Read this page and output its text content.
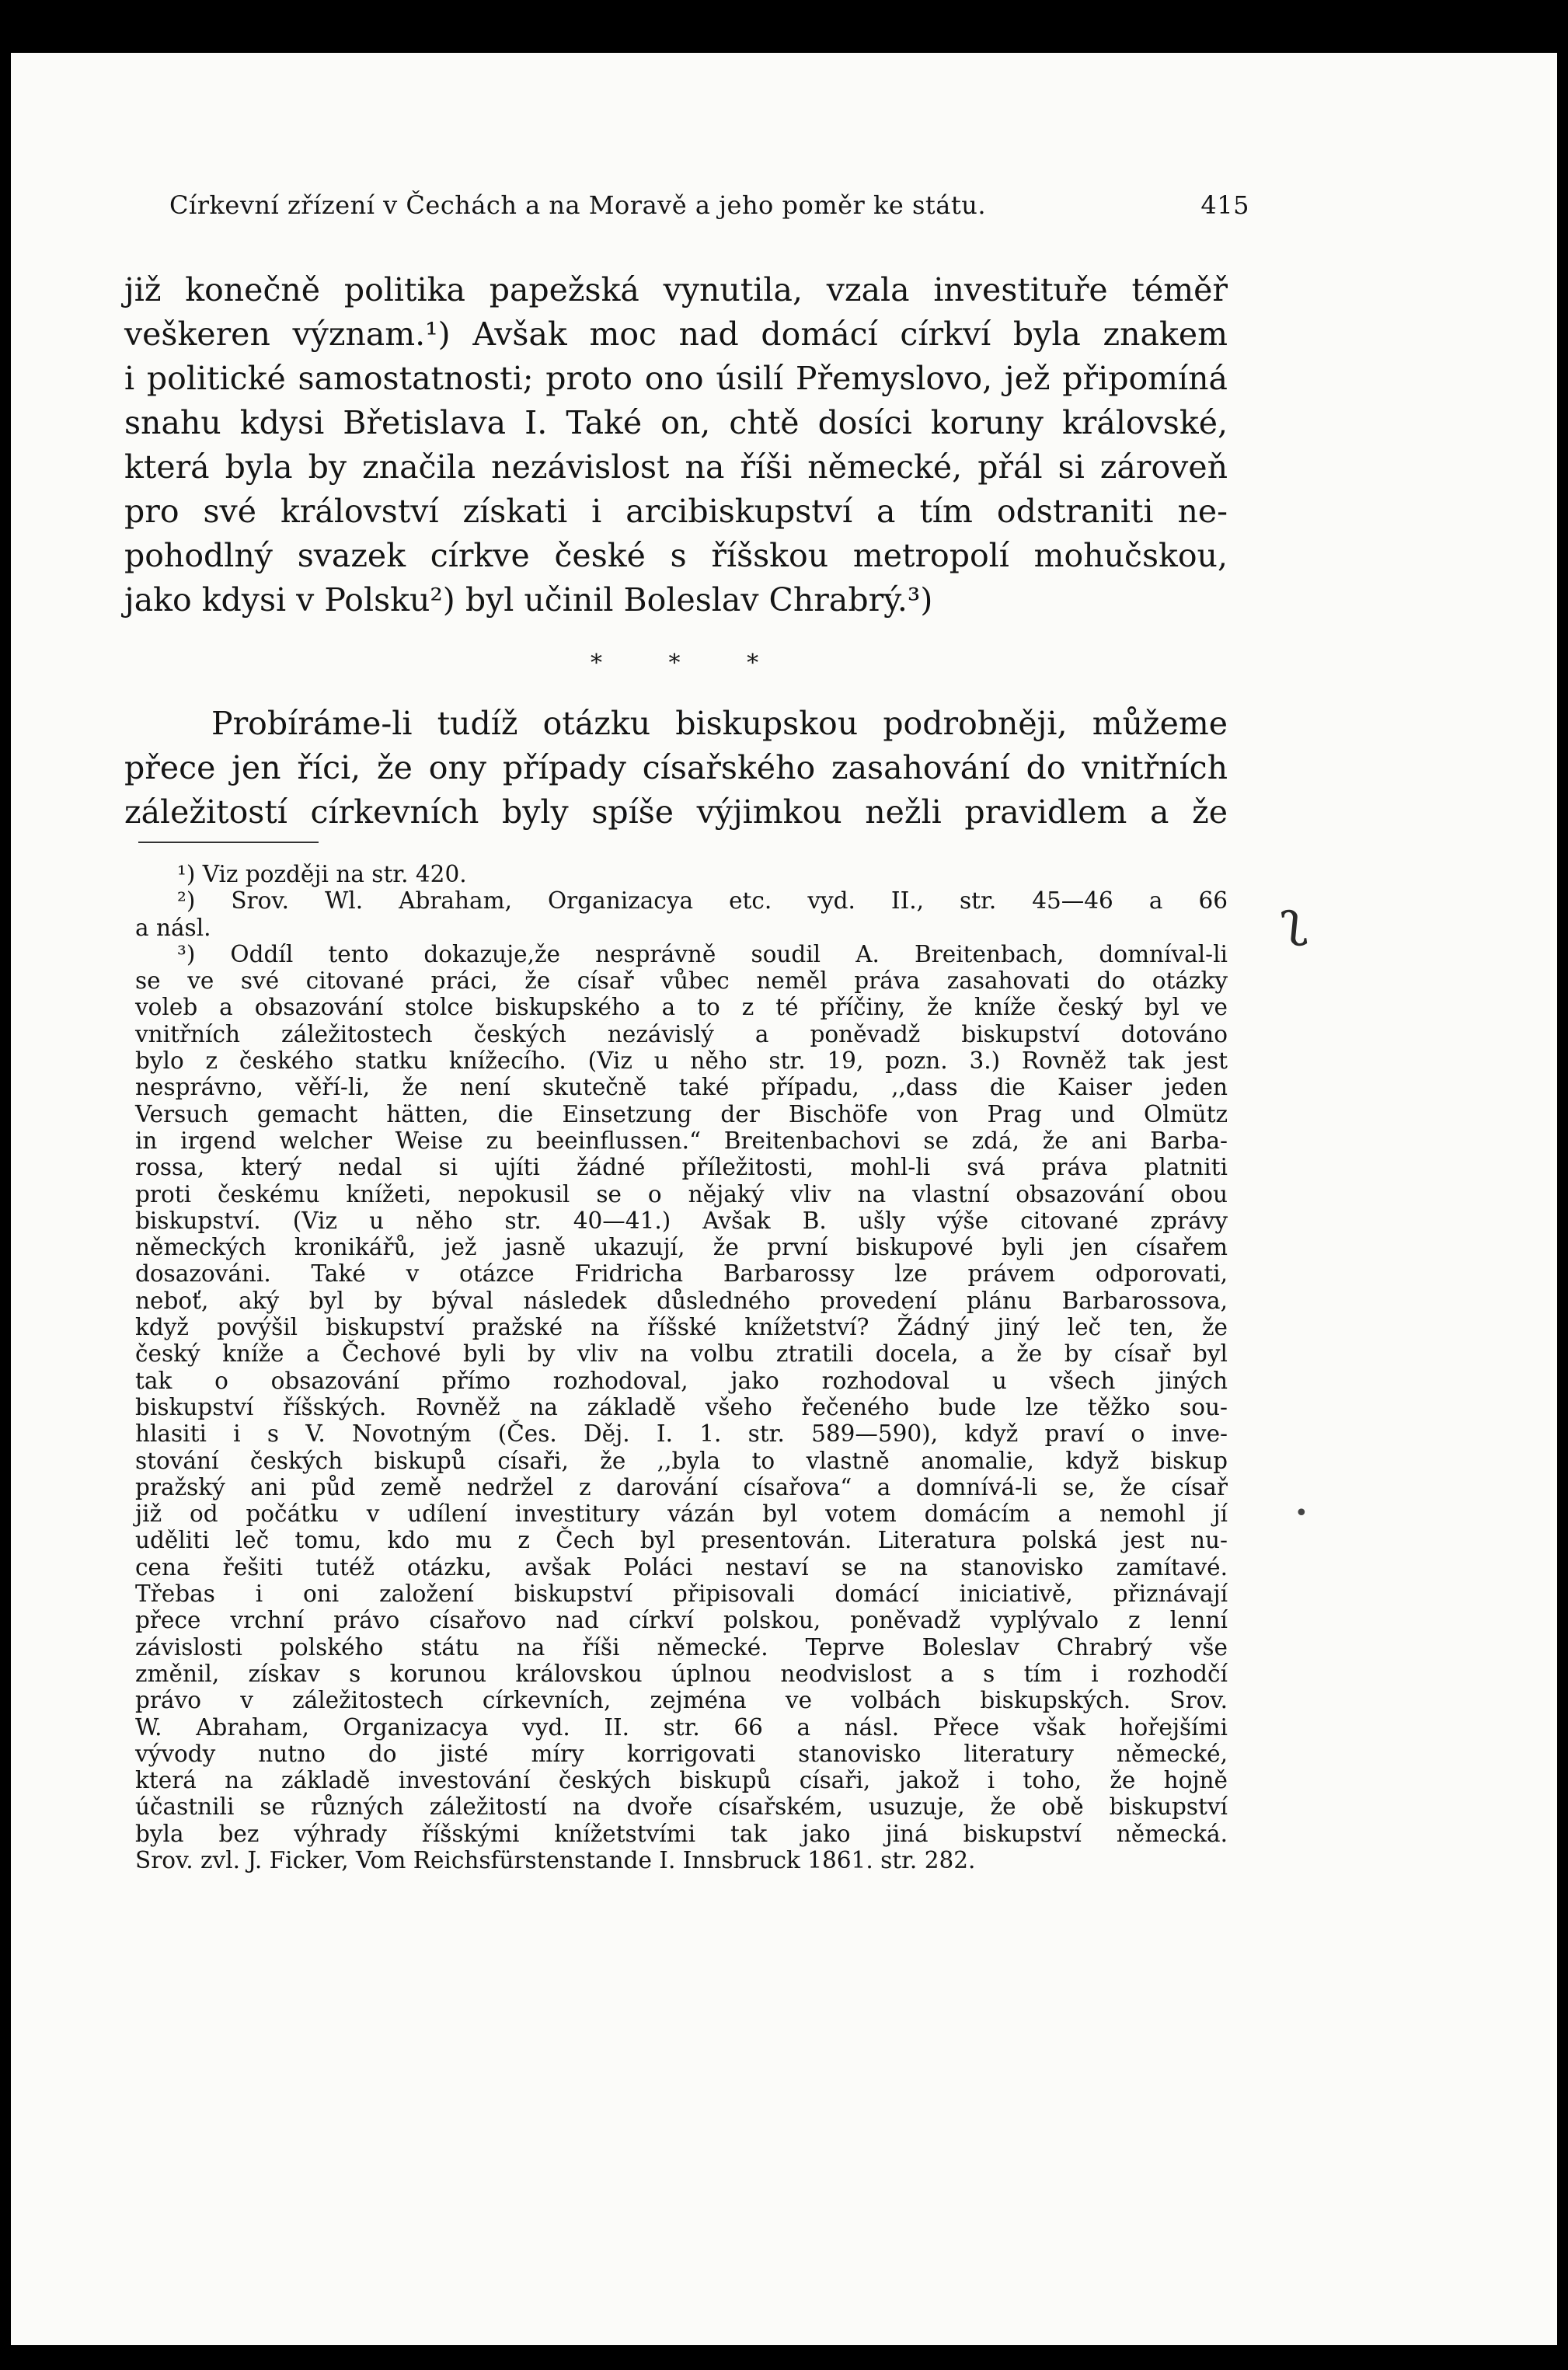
Církevní zřízení v Čechách a na Moravě a jeho poměr ke státu.	415
již konečně politika papežská vynutila, vzala investituře téměř
veškeren význam.¹) Avšak moc nad domácí církví byla znakem
i politické samostatnosti; proto ono úsilí Přemyslovo, jež připomíná
snahu kdysi Břetislava I. Také on, chtě dosíci koruny královské,
která byla by značila nezávislost na říši německé, přál si zároveň
pro své království získati i arcibiskupství a tím odstraniti ne-
pohodlný svazek církve české s říšskou metropolí mohučskou,
jako kdysi v Polsku²) byl učinil Boleslav Chrabrý.³)
* * *
Probíráme-li tudíž otázku biskupskou podrobněji, můžeme
přece jen říci, že ony případy císařského zasahování do vnitřních
záležitostí církevních byly spíše výjimkou nežli pravidlem a že
¹) Viz později na str. 420.
²) Srov. Wl. Abraham, Organizacya etc. vyd. II., str. 45—46 a 66
a násl.
³) Oddíl tento dokazuje,že nesprávně soudil A. Breitenbach, domníval-li
se ve své citované práci, že císař vůbec neměl práva zasahovati do otázky
voleb a obsazování stolce biskupského a to z té příčiny, že kníže český byl ve
vnitřních záležitostech českých nezávislý a poněvadž biskupství dotováno
bylo z českého statku knížecího. (Viz u něho str. 19, pozn. 3.) Rovněž tak jest
nesprávno, věří-li, že není skutečně také případu, ,,dass die Kaiser jeden
Versuch gemacht hätten, die Einsetzung der Bischöfe von Prag und Olmütz
in irgend welcher Weise zu beeinflussen.“ Breitenbachovi se zdá, že ani Barba-
rossa, který nedal si ujíti žádné příležitosti, mohl-li svá práva platniti
proti českému knížeti, nepokusil se o nějaký vliv na vlastní obsazování obou
biskupství. (Viz u něho str. 40—41.) Avšak B. ušly výše citované zprávy
německých kronikářů, jež jasně ukazují, že první biskupové byli jen císařem
dosazováni. Také v otázce Fridricha Barbarossy lze právem odporovati,
neboť, aký byl by býval následek důsledného provedení plánu Barbarossova,
když povýšil biskupství pražské na říšské knížetství? Žádný jiný leč ten, že
český kníže a Čechové byli by vliv na volbu ztratili docela, a že by císař byl
tak o obsazování přímo rozhodoval, jako rozhodoval u všech jiných
biskupství říšských. Rovněž na základě všeho řečeného bude lze těžko sou-
hlasiti i s V. Novotným (Čes. Děj. I. 1. str. 589—590), když praví o inve-
stování českých biskupů císaři, že ,,byla to vlastně anomalie, když biskup
pražský ani půd země nedržel z darování císařova“ a domnívá-li se, že císař
již od počátku v udílení investitury vázán byl votem domácím a nemohl jí
uděliti leč tomu, kdo mu z Čech byl presentován. Literatura polská jest nu-
cena řešiti tutéž otázku, avšak Poláci nestaví se na stanovisko zamítavé.
Třebas i oni založení biskupství připisovali domácí iniciativě, přiznávají
přece vrchní právo císařovo nad církví polskou, poněvadž vyplývalo z lenní
závislosti polského státu na říši německé. Teprve Boleslav Chrabrý vše
změnil, získav s korunou královskou úplnou neodvislost a s tím i rozhodčí
právo v záležitostech církevních, zejména ve volbách biskupských. Srov.
W. Abraham, Organizacya vyd. II. str. 66 a násl. Přece však hořejšími
vývody nutno do jisté míry korrigovati stanovisko literatury německé,
která na základě investování českých biskupů císaři, jakož i toho, že hojně
účastnili se různých záležitostí na dvoře císařském, usuzuje, že obě biskupství
byla bez výhrady říšskými knížetstvími tak jako jiná biskupství německá.
Srov. zvl. J. Ficker, Vom Reichsfürstenstande I. Innsbruck 1861. str. 282.
ʅ
•
